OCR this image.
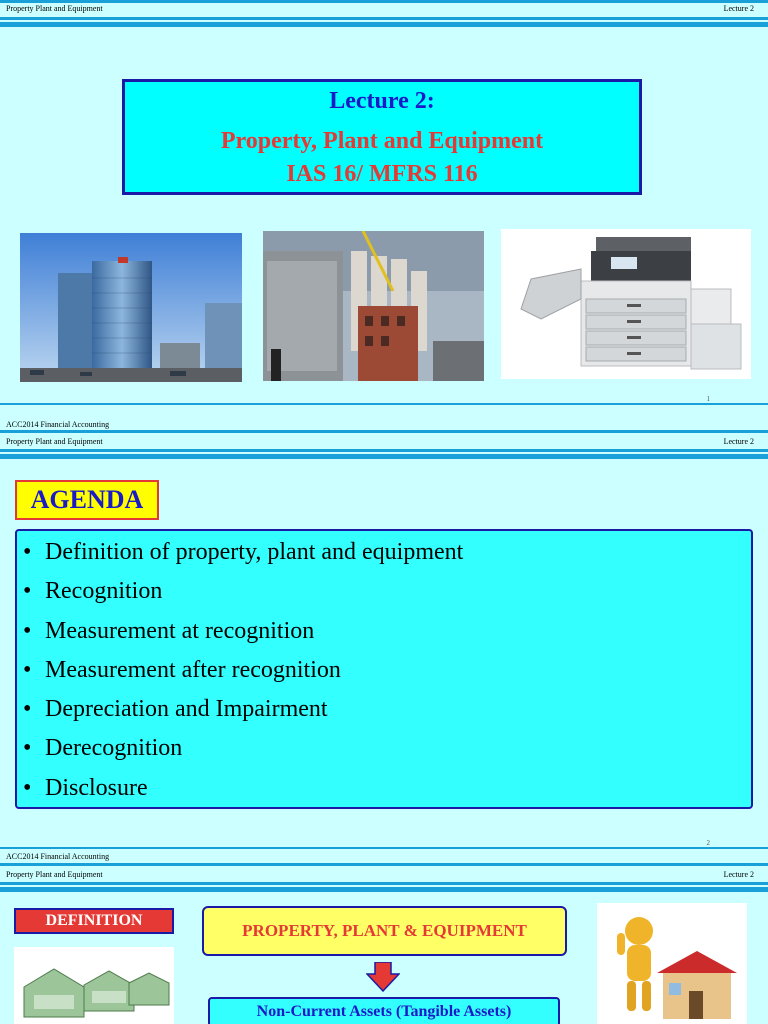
Property Plant and Equipment	Lecture 2
Lecture 2:
Property, Plant and Equipment
IAS 16/ MFRS 116
1
ACC2014 Financial Accounting
Property Plant and Equipment	Lecture 2
AGENDA
• Definition of property, plant and equipment
• Recognition
• Measurement at recognition
• Measurement after recognition
• Depreciation and Impairment
• Derecognition
• Disclosure
2
ACC2014 Financial Accounting
Property Plant and Equipment	Lecture 2
DEFINITION
PROPERTY, PLANT & EQUIPMENT
Non-Current Assets (Tangible Assets)
